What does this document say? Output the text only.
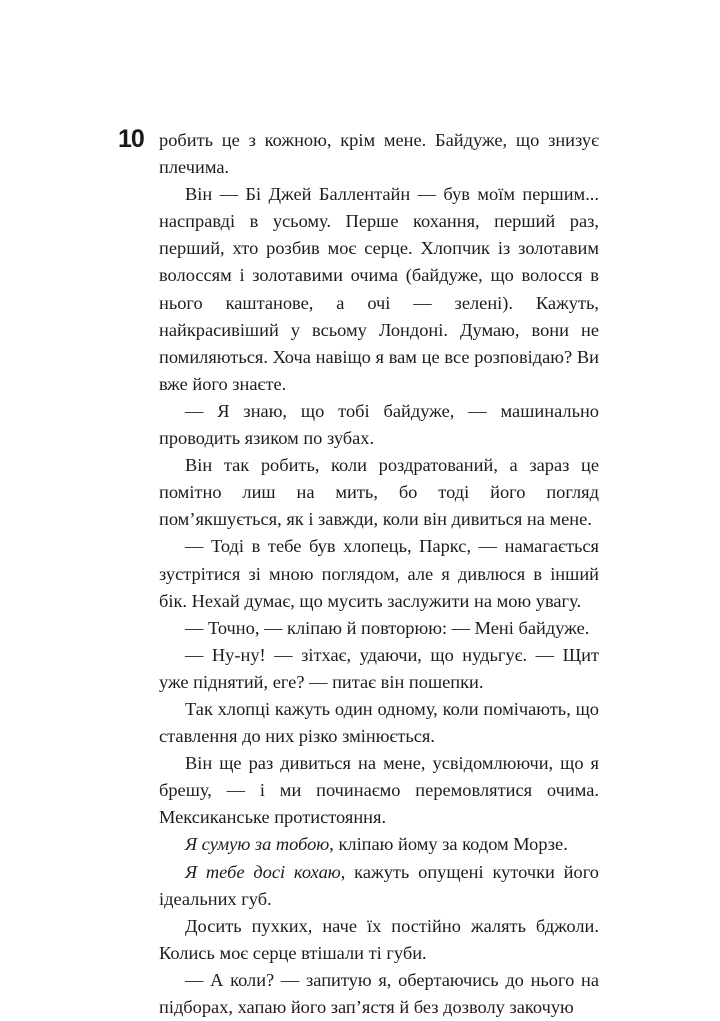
10 робить це з кожною, крім мене. Байдуже, що знизує плечима.

Він — Бі Джей Баллентайн — був моїм першим... насправді в усьому. Перше кохання, перший раз, перший, хто розбив моє серце. Хлопчик із золотавим волоссям і золотавими очима (байдуже, що волосся в нього каштанове, а очі — зелені). Кажуть, найкрасивіший у всьому Лондоні. Думаю, вони не помиляються. Хоча навіщо я вам це все розповідаю? Ви вже його знаєте.

— Я знаю, що тобі байдуже, — машинально проводить язиком по зубах.

Він так робить, коли роздратований, а зараз це помітно лиш на мить, бо тоді його погляд пом’якшується, як і завжди, коли він дивиться на мене.

— Тоді в тебе був хлопець, Паркс, — намагається зустрітися зі мною поглядом, але я дивлюся в інший бік. Нехай думає, що мусить заслужити на мою увагу.

— Точно, — кліпаю й повторюю: — Мені байдуже.

— Ну-ну! — зітхає, удаючи, що нудьгує. — Щит уже піднятий, еге? — питає він пошепки.

Так хлопці кажуть один одному, коли помічають, що ставлення до них різко змінюється.

Він ще раз дивиться на мене, усвідомлюючи, що я брешу, — і ми починаємо перемовлятися очима. Мексиканське протистояння.

Я сумую за тобою, кліпаю йому за кодом Морзе.

Я тебе досі кохаю, кажуть опущені куточки його ідеальних губ.

Досить пухких, наче їх постійно жалять бджоли. Колись моє серце втішали ті губи.

— А коли? — запитую я, обертаючись до нього на підборах, хапаю його зап’ястя й без дозволу закочую
